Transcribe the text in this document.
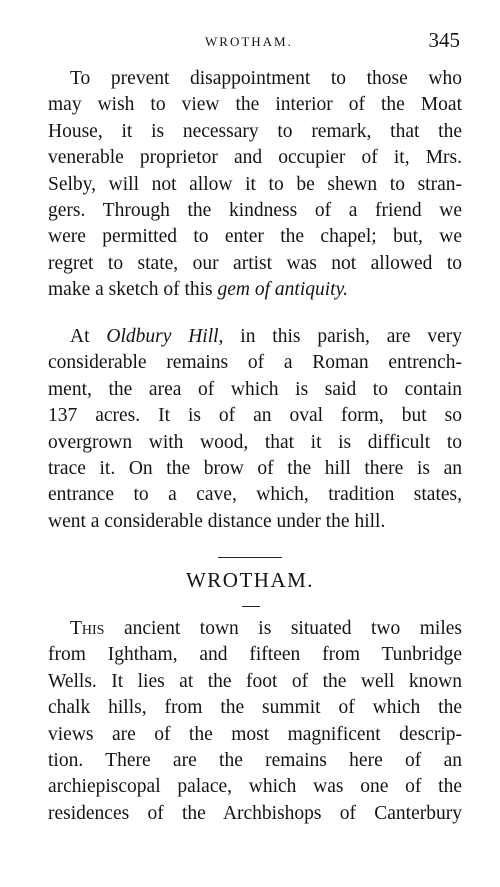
WROTHAM.	345
To prevent disappointment to those who
may wish to view the interior of the Moat
House, it is necessary to remark, that the
venerable proprietor and occupier of it, Mrs.
Selby, will not allow it to be shewn to stran-
gers. Through the kindness of a friend we
were permitted to enter the chapel; but, we
regret to state, our artist was not allowed to
make a sketch of this gem of antiquity.
At Oldbury Hill, in this parish, are very
considerable remains of a Roman entrench-
ment, the area of which is said to contain
137 acres. It is of an oval form, but so
overgrown with wood, that it is difficult to
trace it. On the brow of the hill there is an
entrance to a cave, which, tradition states,
went a considerable distance under the hill.
WROTHAM.
This ancient town is situated two miles
from Ightham, and fifteen from Tunbridge
Wells. It lies at the foot of the well known
chalk hills, from the summit of which the
views are of the most magnificent descrip-
tion. There are the remains here of an
archiepiscopal palace, which was one of the
residences of the Archbishops of Canterbury
